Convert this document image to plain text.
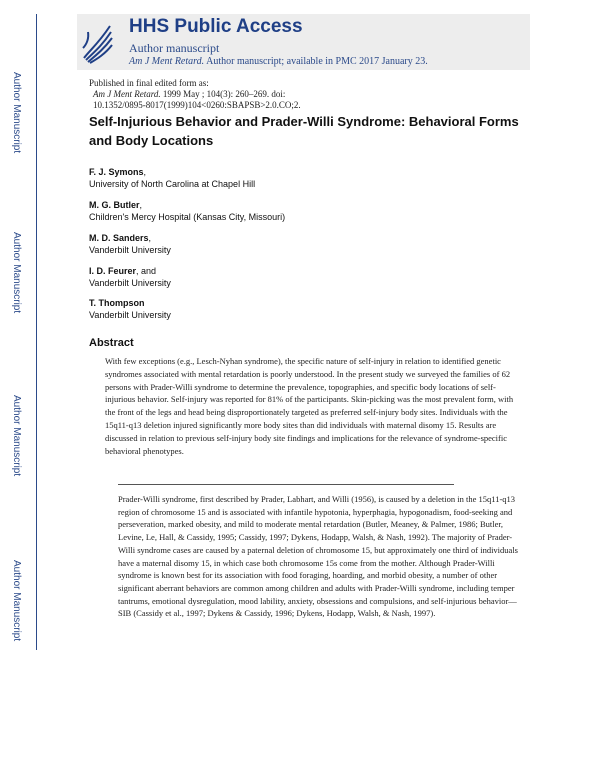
Author Manuscript
Author Manuscript
Author Manuscript
Author Manuscript
HHS Public Access
Author manuscript
Am J Ment Retard. Author manuscript; available in PMC 2017 January 23.
Published in final edited form as:
Am J Ment Retard. 1999 May ; 104(3): 260–269. doi:
10.1352/0895-8017(1999)104<0260:SBAPSB>2.0.CO;2.
Self-Injurious Behavior and Prader-Willi Syndrome: Behavioral Forms and Body Locations
F. J. Symons,
University of North Carolina at Chapel Hill
M. G. Butler,
Children's Mercy Hospital (Kansas City, Missouri)
M. D. Sanders,
Vanderbilt University
I. D. Feurer, and
Vanderbilt University
T. Thompson
Vanderbilt University
Abstract
With few exceptions (e.g., Lesch-Nyhan syndrome), the specific nature of self-injury in relation to identified genetic syndromes associated with mental retardation is poorly understood. In the present study we surveyed the families of 62 persons with Prader-Willi syndrome to determine the prevalence, topographies, and specific body locations of self-injurious behavior. Self-injury was reported for 81% of the participants. Skin-picking was the most prevalent form, with the front of the legs and head being disproportionately targeted as preferred self-injury body sites. Individuals with the 15q11-q13 deletion injured significantly more body sites than did individuals with maternal disomy 15. Results are discussed in relation to previous self-injury body site findings and implications for the relevance of syndrome-specific behavioral phenotypes.
Prader-Willi syndrome, first described by Prader, Labhart, and Willi (1956), is caused by a deletion in the 15q11-q13 region of chromosome 15 and is associated with infantile hypotonia, hyperphagia, hypogonadism, food-seeking and perseveration, marked obesity, and mild to moderate mental retardation (Butler, Meaney, & Palmer, 1986; Butler, Levine, Le, Hall, & Cassidy, 1995; Cassidy, 1997; Dykens, Hodapp, Walsh, & Nash, 1992). The majority of Prader-Willi syndrome cases are caused by a paternal deletion of chromosome 15, but approximately one third of individuals have a maternal disomy 15, in which case both chromosome 15s come from the mother. Although Prader-Willi syndrome is known best for its association with food foraging, hoarding, and morbid obesity, a number of other significant aberrant behaviors are common among children and adults with Prader-Willi syndrome, including temper tantrums, emotional dysregulation, mood lability, anxiety, obsessions and compulsions, and self-injurious behavior—SIB (Cassidy et al., 1997; Dykens & Cassidy, 1996; Dykens, Hodapp, Walsh, & Nash, 1997).
